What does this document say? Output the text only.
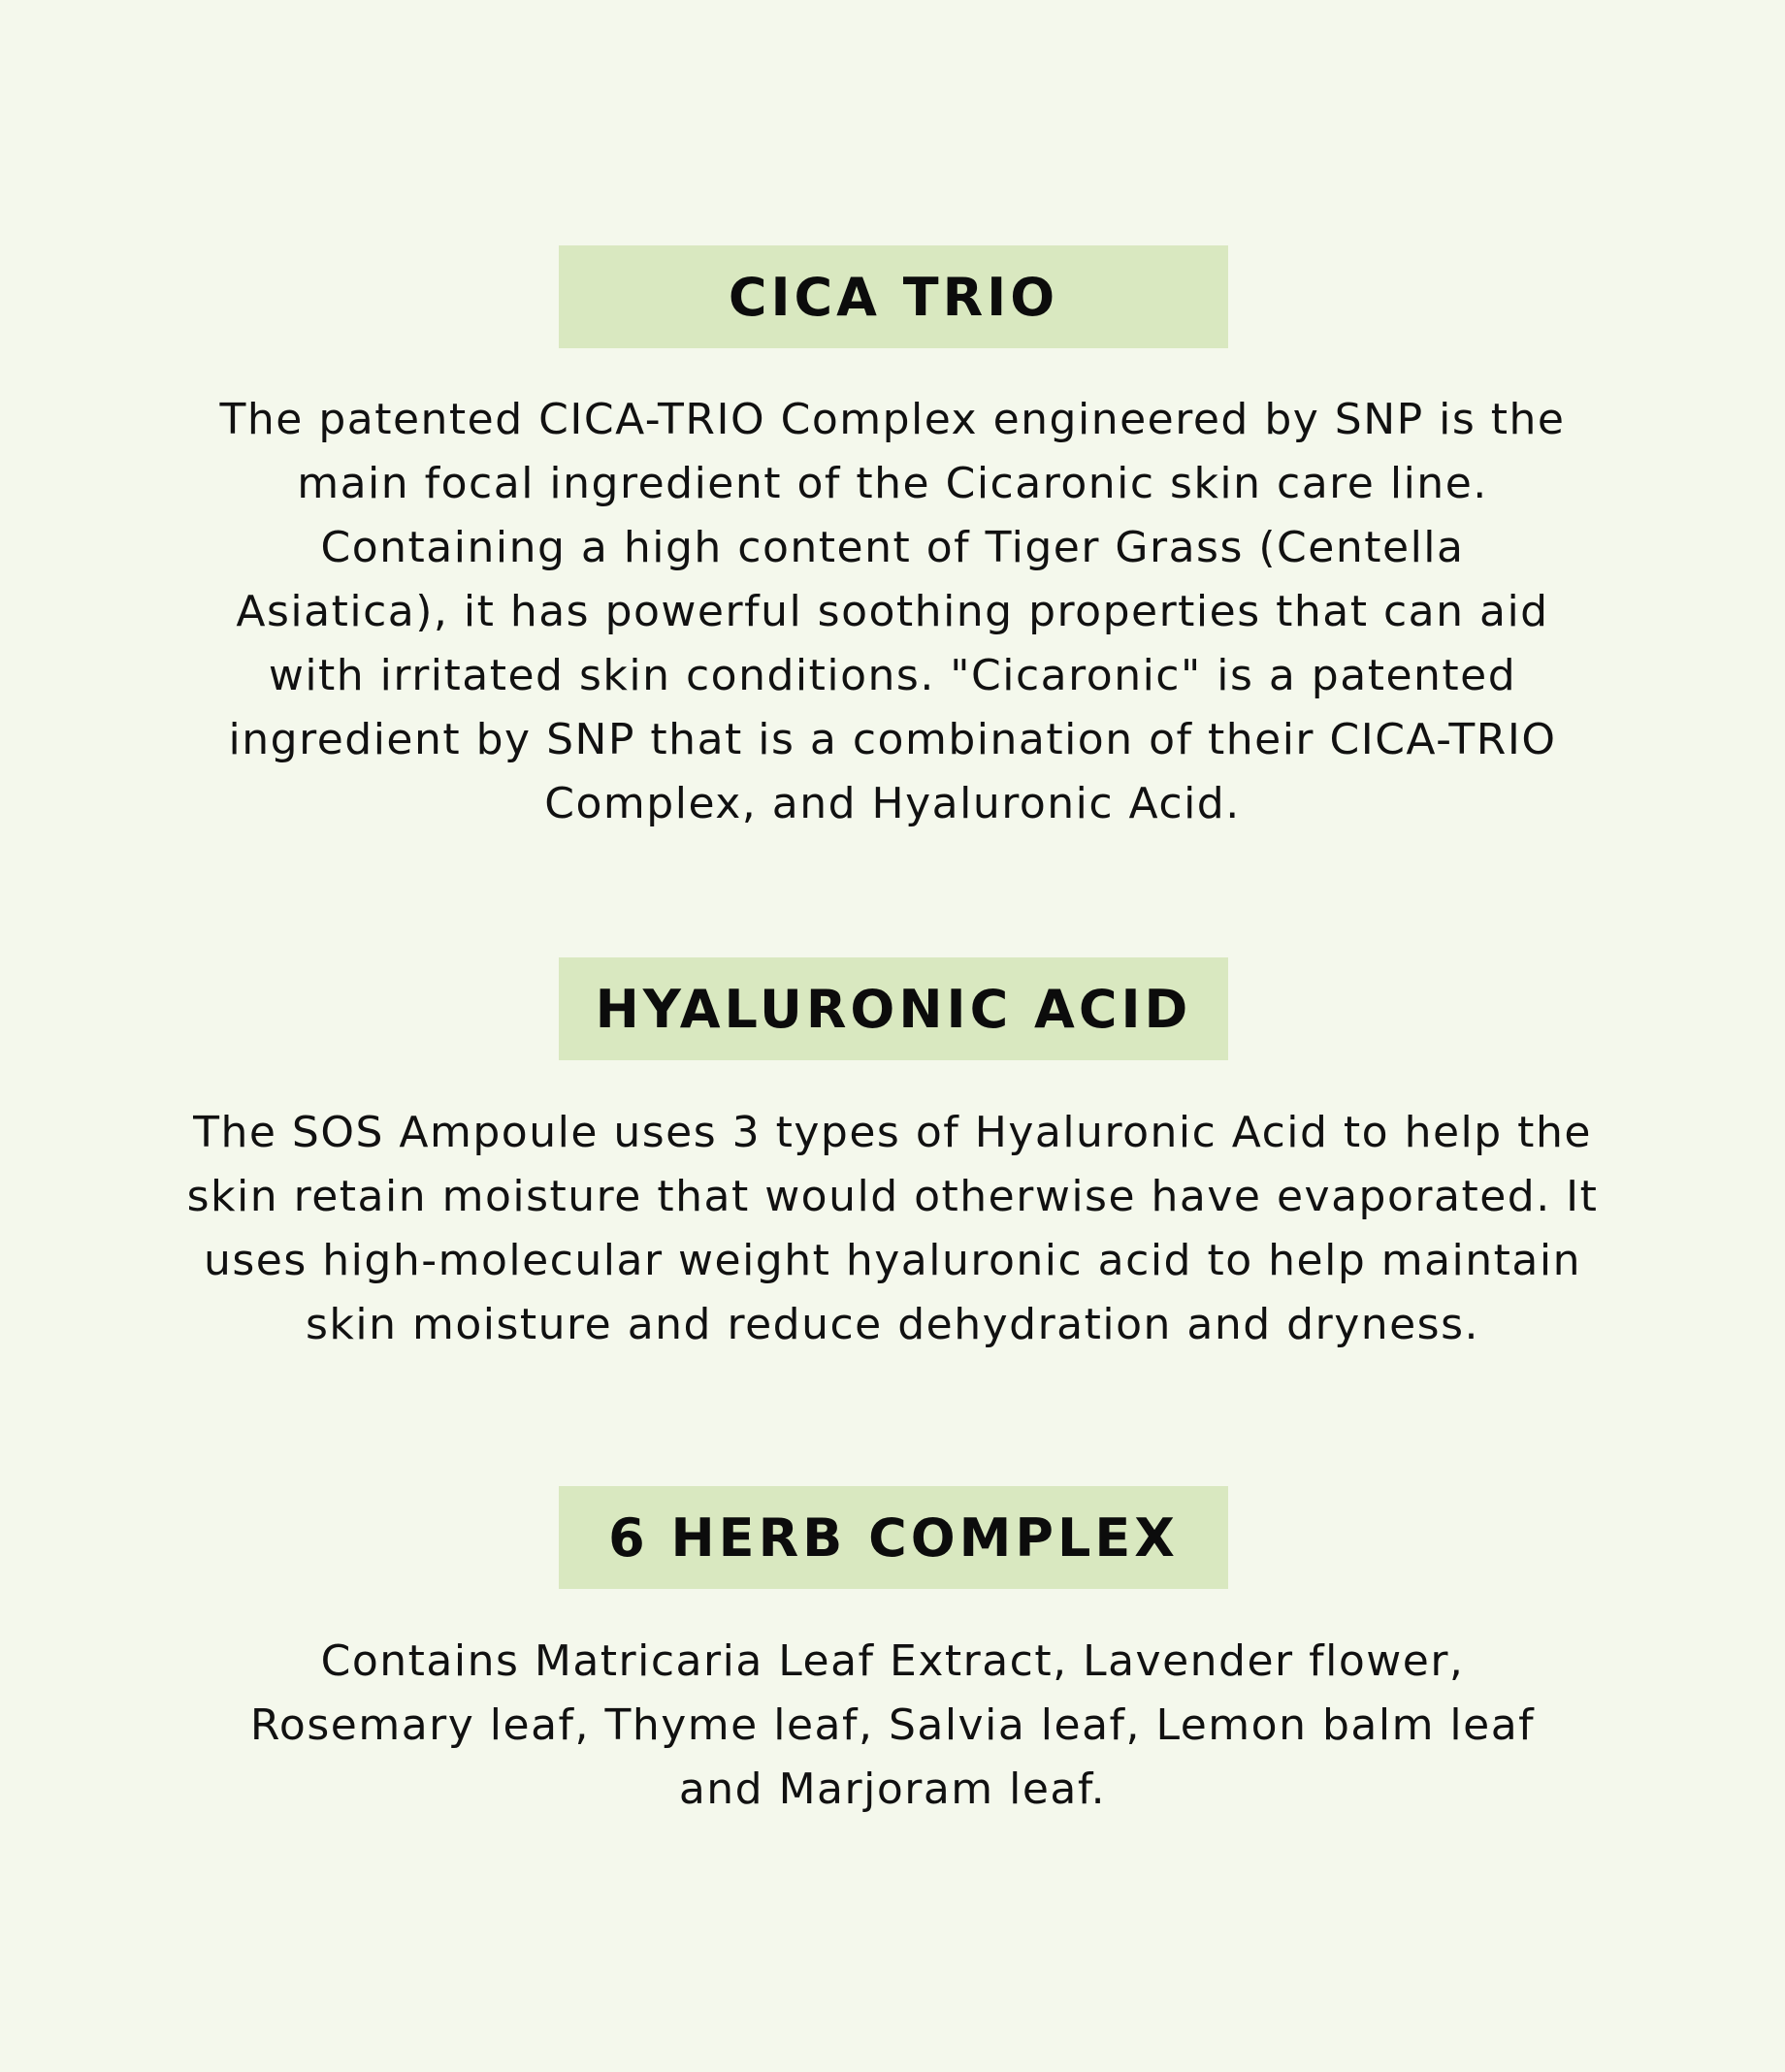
CICA TRIO

The patented CICA-TRIO Complex engineered by SNP is the
main focal ingredient of the Cicaronic skin care line.
Containing a high content of Tiger Grass (Centella
Asiatica), it has powerful soothing properties that can aid
with irritated skin conditions. "Cicaronic" is a patented
ingredient by SNP that is a combination of their CICA-TRIO
Complex, and Hyaluronic Acid.

HYALURONIC ACID

The SOS Ampoule uses 3 types of Hyaluronic Acid to help the
skin retain moisture that would otherwise have evaporated. It
uses high-molecular weight hyaluronic acid to help maintain
skin moisture and reduce dehydration and dryness.

6 HERB COMPLEX

Contains Matricaria Leaf Extract, Lavender flower,
Rosemary leaf, Thyme leaf, Salvia leaf, Lemon balm leaf
and Marjoram leaf.
